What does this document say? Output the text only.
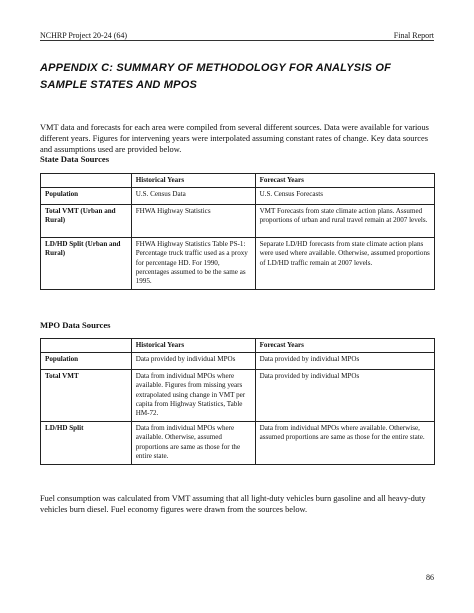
NCHRP Project 20-24 (64)	Final Report
APPENDIX C: SUMMARY OF METHODOLOGY FOR ANALYSIS OF
SAMPLE STATES AND MPOS
VMT data and forecasts for each area were compiled from several different sources. Data were available for various different years. Figures for intervening years were interpolated assuming constant rates of change. Key data sources and assumptions used are provided below.
State Data Sources
	Historical Years	Forecast Years
Population	U.S. Census Data	U.S. Census Forecasts
Total VMT (Urban and Rural)	FHWA Highway Statistics	VMT Forecasts from state climate action plans. Assumed proportions of urban and rural travel remain at 2007 levels.
LD/HD Split (Urban and Rural)	FHWA Highway Statistics Table PS-1: Percentage truck traffic used as a proxy for percentage HD. For 1990, percentages assumed to be the same as 1995.	Separate LD/HD forecasts from state climate action plans were used where available. Otherwise, assumed proportions of LD/HD traffic remain at 2007 levels.
MPO Data Sources
	Historical Years	Forecast Years
Population	Data provided by individual MPOs	Data provided by individual MPOs
Total VMT	Data from individual MPOs where available. Figures from missing years extrapolated using change in VMT per capita from Highway Statistics, Table HM-72.	Data provided by individual MPOs
LD/HD Split	Data from individual MPOs where available. Otherwise, assumed proportions are same as those for the entire state.	Data from individual MPOs where available. Otherwise, assumed proportions are same as those for the entire state.
Fuel consumption was calculated from VMT assuming that all light-duty vehicles burn gasoline and all heavy-duty vehicles burn diesel. Fuel economy figures were drawn from the sources below.
86
